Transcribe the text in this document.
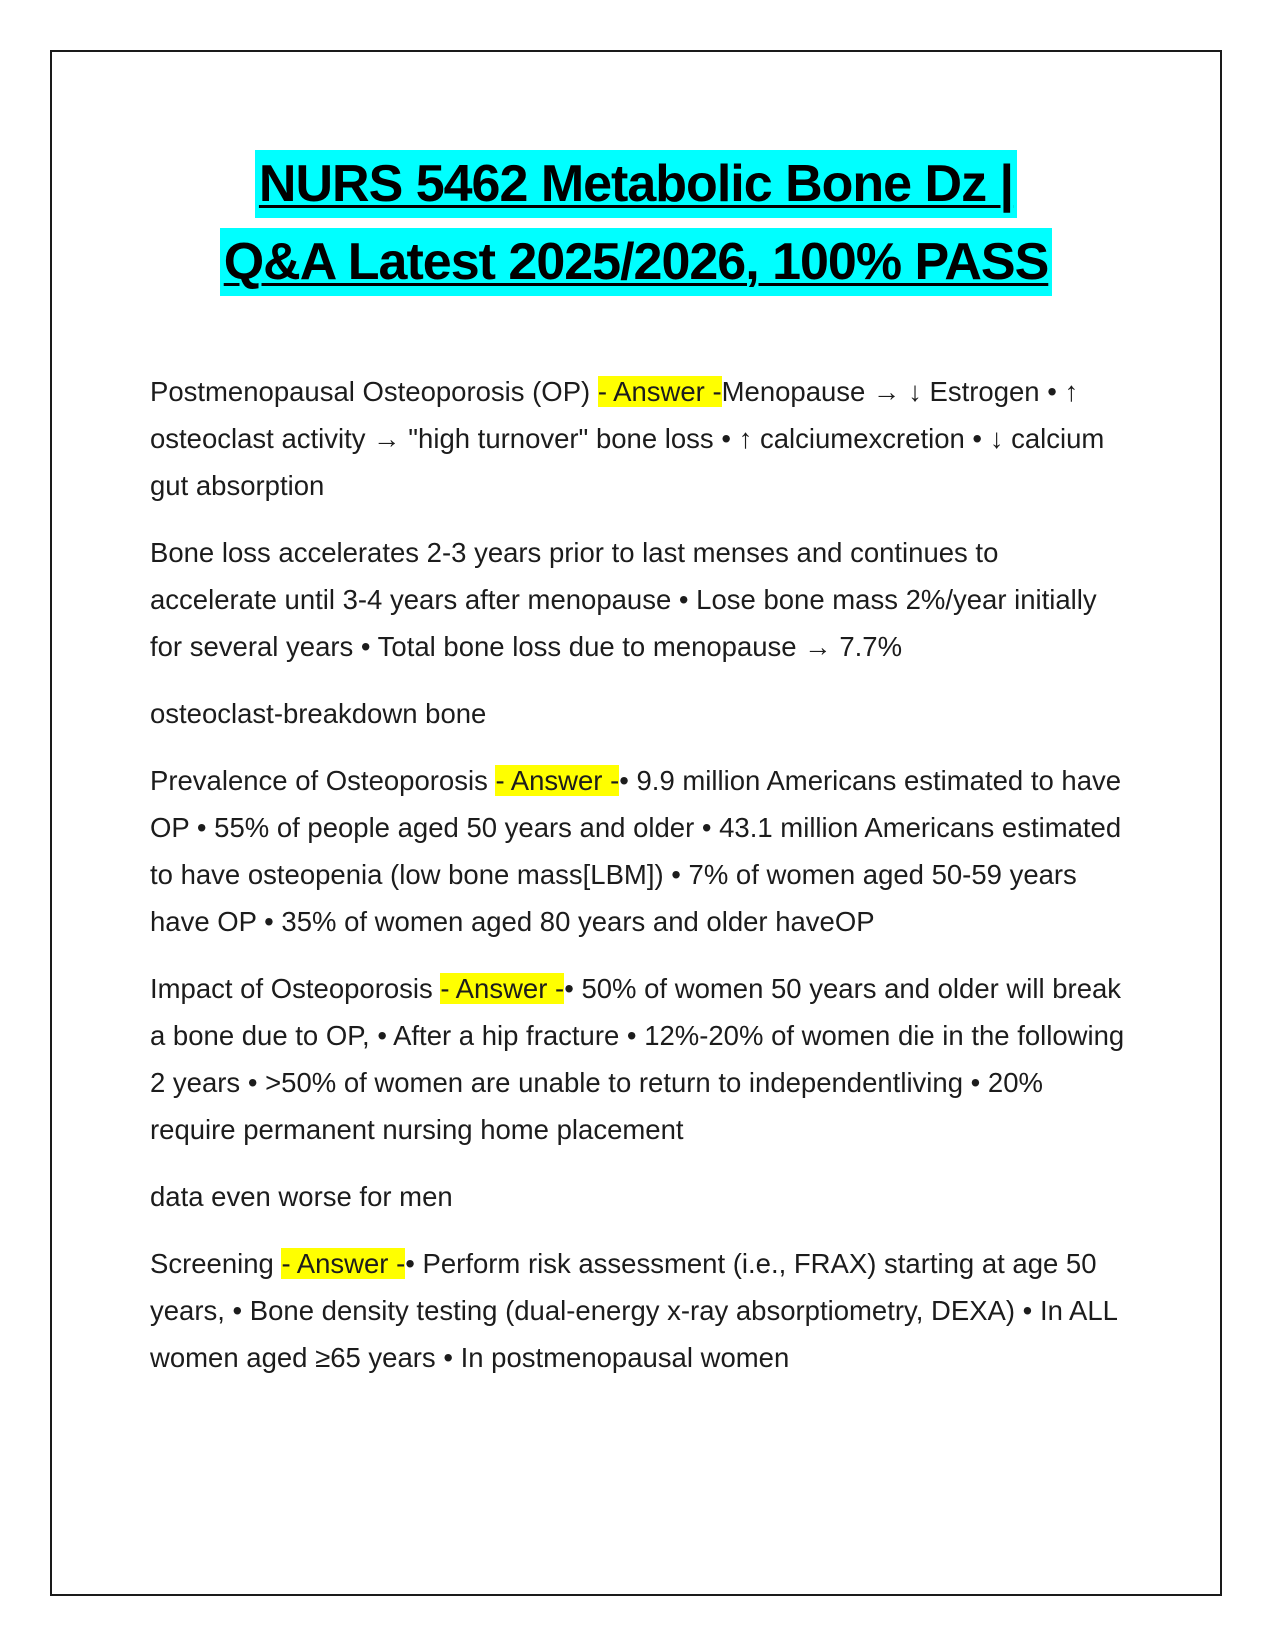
NURS 5462 Metabolic Bone Dz |
Q&A Latest 2025/2026, 100% PASS

Postmenopausal Osteoporosis (OP) - Answer -Menopause → ↓ Estrogen • ↑ osteoclast activity → "high turnover" bone loss • ↑ calciumexcretion • ↓ calcium gut absorption

Bone loss accelerates 2-3 years prior to last menses and continues to accelerate until 3-4 years after menopause • Lose bone mass 2%/year initially for several years • Total bone loss due to menopause → 7.7%

osteoclast-breakdown bone

Prevalence of Osteoporosis - Answer -• 9.9 million Americans estimated to have OP • 55% of people aged 50 years and older • 43.1 million Americans estimated to have osteopenia (low bone mass[LBM]) • 7% of women aged 50-59 years have OP • 35% of women aged 80 years and older haveOP

Impact of Osteoporosis - Answer -• 50% of women 50 years and older will break a bone due to OP, • After a hip fracture • 12%-20% of women die in the following 2 years • >50% of women are unable to return to independentliving • 20% require permanent nursing home placement

data even worse for men

Screening - Answer -• Perform risk assessment (i.e., FRAX) starting at age 50 years, • Bone density testing (dual-energy x-ray absorptiometry, DEXA) • In ALL women aged ≥65 years • In postmenopausal women
